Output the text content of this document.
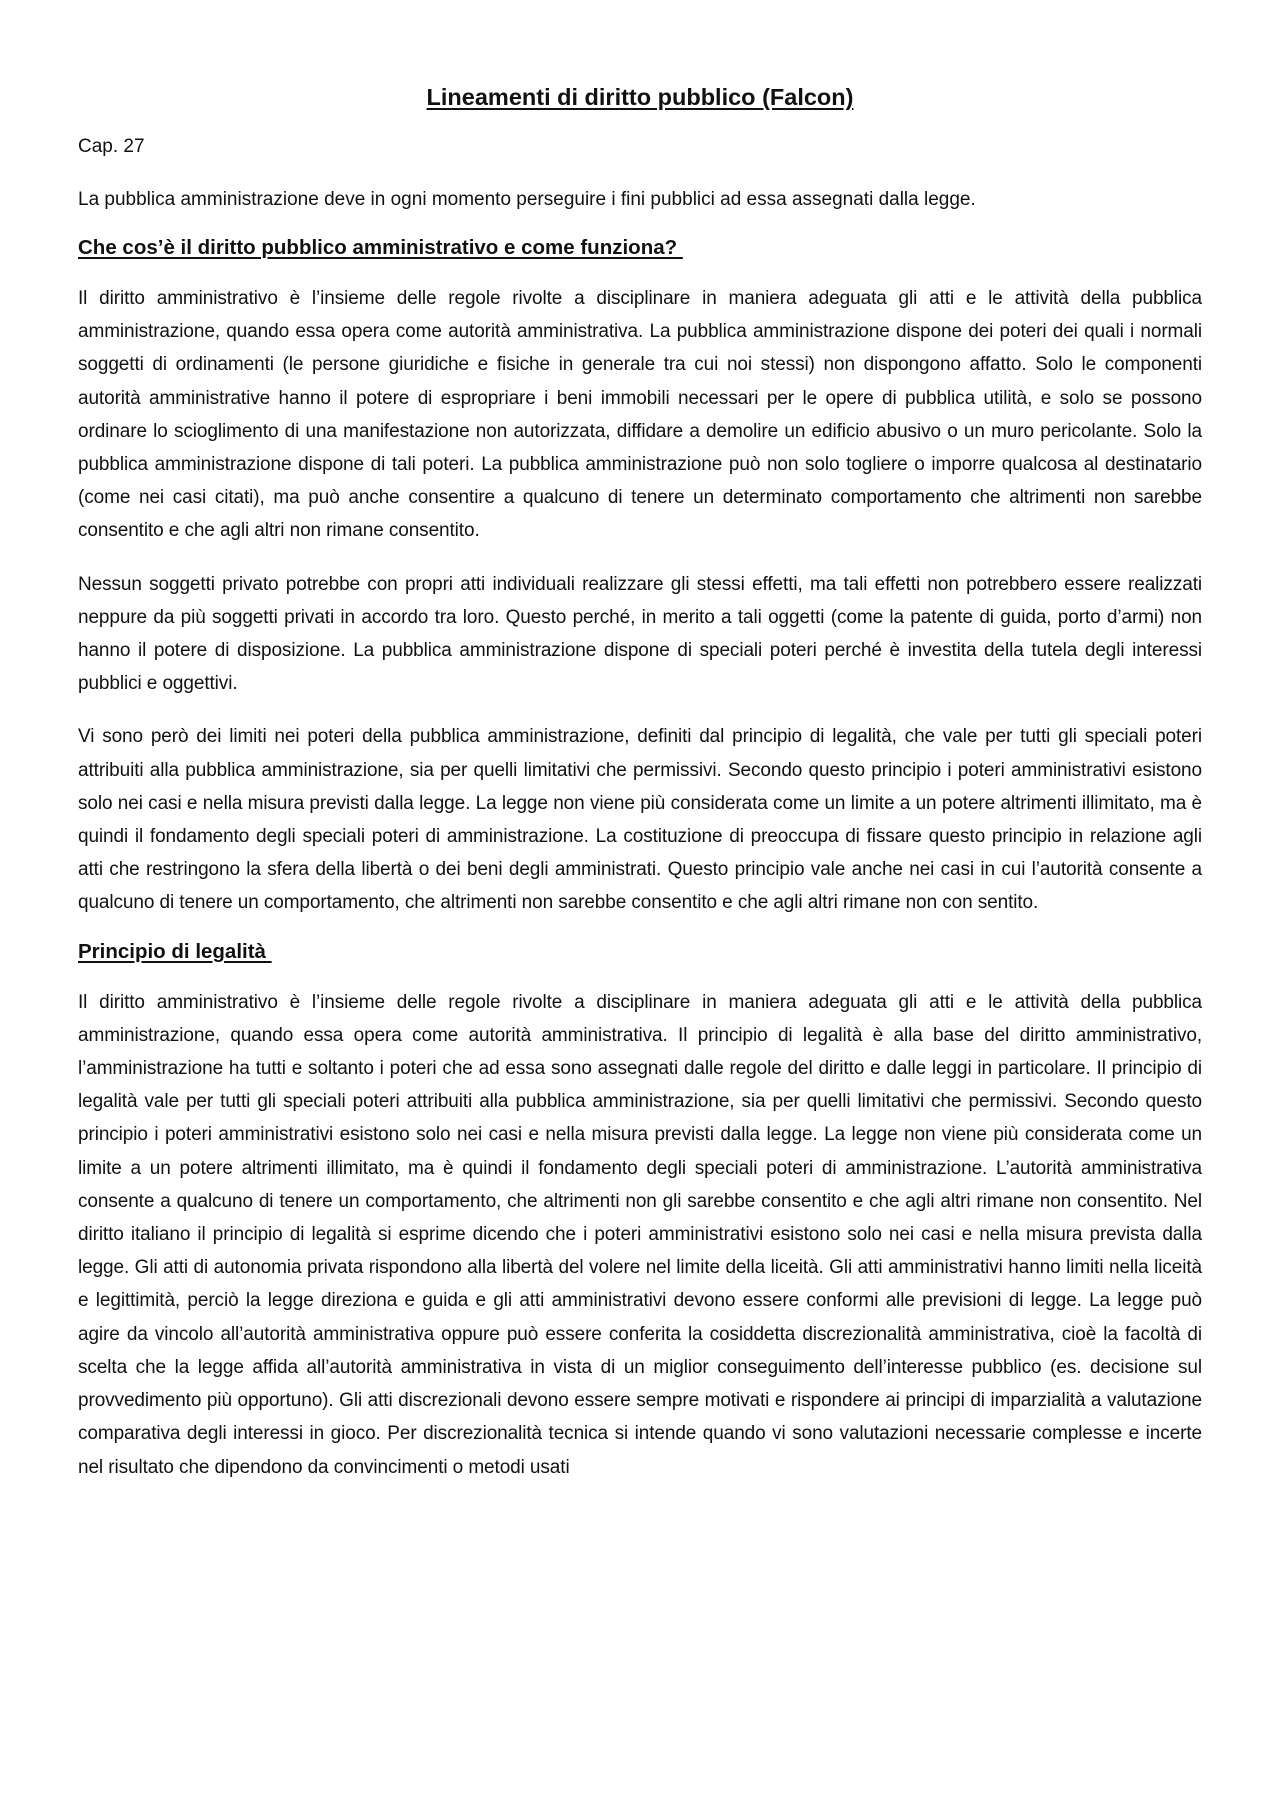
Lineamenti di diritto pubblico (Falcon)

Cap. 27

La pubblica amministrazione deve in ogni momento perseguire i fini pubblici ad essa assegnati dalla legge.

Che cos’è il diritto pubblico amministrativo e come funziona?

Il diritto amministrativo è l’insieme delle regole rivolte a disciplinare in maniera adeguata gli atti e le attività della pubblica amministrazione, quando essa opera come autorità amministrativa. La pubblica amministrazione dispone dei poteri dei quali i normali soggetti di ordinamenti (le persone giuridiche e fisiche in generale tra cui noi stessi) non dispongono affatto. Solo le componenti autorità amministrative hanno il potere di espropriare i beni immobili necessari per le opere di pubblica utilità, e solo se possono ordinare lo scioglimento di una manifestazione non autorizzata, diffidare a demolire un edificio abusivo o un muro pericolante. Solo la pubblica amministrazione dispone di tali poteri. La pubblica amministrazione può non solo togliere o imporre qualcosa al destinatario (come nei casi citati), ma può anche consentire a qualcuno di tenere un determinato comportamento che altrimenti non sarebbe consentito e che agli altri non rimane consentito.

Nessun soggetti privato potrebbe con propri atti individuali realizzare gli stessi effetti, ma tali effetti non potrebbero essere realizzati neppure da più soggetti privati in accordo tra loro. Questo perché, in merito a tali oggetti (come la patente di guida, porto d’armi) non hanno il potere di disposizione. La pubblica amministrazione dispone di speciali poteri perché è investita della tutela degli interessi pubblici e oggettivi.

Vi sono però dei limiti nei poteri della pubblica amministrazione, definiti dal principio di legalità, che vale per tutti gli speciali poteri attribuiti alla pubblica amministrazione, sia per quelli limitativi che permissivi. Secondo questo principio i poteri amministrativi esistono solo nei casi e nella misura previsti dalla legge. La legge non viene più considerata come un limite a un potere altrimenti illimitato, ma è quindi il fondamento degli speciali poteri di amministrazione. La costituzione di preoccupa di fissare questo principio in relazione agli atti che restringono la sfera della libertà o dei beni degli amministrati. Questo principio vale anche nei casi in cui l’autorità consente a qualcuno di tenere un comportamento, che altrimenti non sarebbe consentito e che agli altri rimane non con sentito.

Principio di legalità

Il diritto amministrativo è l’insieme delle regole rivolte a disciplinare in maniera adeguata gli atti e le attività della pubblica amministrazione, quando essa opera come autorità amministrativa. Il principio di legalità è alla base del diritto amministrativo, l’amministrazione ha tutti e soltanto i poteri che ad essa sono assegnati dalle regole del diritto e dalle leggi in particolare. Il principio di legalità vale per tutti gli speciali poteri attribuiti alla pubblica amministrazione, sia per quelli limitativi che permissivi. Secondo questo principio i poteri amministrativi esistono solo nei casi e nella misura previsti dalla legge. La legge non viene più considerata come un limite a un potere altrimenti illimitato, ma è quindi il fondamento degli speciali poteri di amministrazione. L’autorità amministrativa consente a qualcuno di tenere un comportamento, che altrimenti non gli sarebbe consentito e che agli altri rimane non consentito. Nel diritto italiano il principio di legalità si esprime dicendo che i poteri amministrativi esistono solo nei casi e nella misura prevista dalla legge. Gli atti di autonomia privata rispondono alla libertà del volere nel limite della liceità. Gli atti amministrativi hanno limiti nella liceità e legittimità, perciò la legge direziona e guida e gli atti amministrativi devono essere conformi alle previsioni di legge. La legge può agire da vincolo all’autorità amministrativa oppure può essere conferita la cosiddetta discrezionalità amministrativa, cioè la facoltà di scelta che la legge affida all’autorità amministrativa in vista di un miglior conseguimento dell’interesse pubblico (es. decisione sul provvedimento più opportuno). Gli atti discrezionali devono essere sempre motivati e rispondere ai principi di imparzialità a valutazione comparativa degli interessi in gioco. Per discrezionalità tecnica si intende quando vi sono valutazioni necessarie complesse e incerte nel risultato che dipendono da convincimenti o metodi usati
